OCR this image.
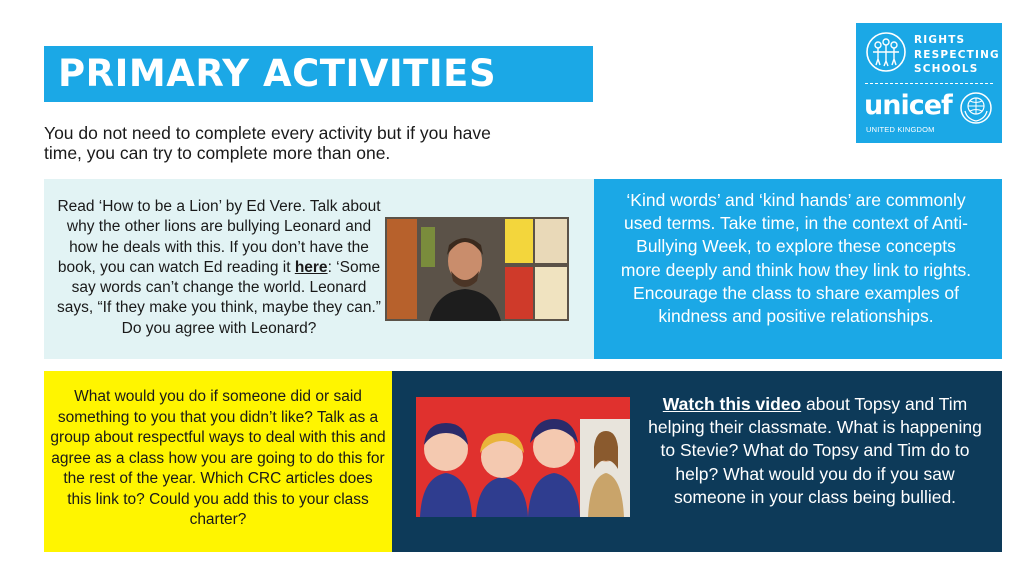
PRIMARY ACTIVITIES
You do not need to complete every activity but if you have time, you can try to complete more than one.
RIGHTS
RESPECTING
SCHOOLS
unicef
UNITED KINGDOM
Read ‘How to be a Lion’ by Ed Vere. Talk about why the other lions are bullying Leonard and how he deals with this. If you don’t have the book, you can watch Ed reading it here: ‘Some say words can’t change the world. Leonard says, “If they make you think, maybe they can.” Do you agree with Leonard?
‘Kind words’ and ‘kind hands’ are commonly used terms. Take time, in the context of Anti-Bullying Week, to explore these concepts more deeply and think how they link to rights. Encourage the class to share examples of kindness and positive relationships.
What would you do if someone did or said something to you that you didn’t like? Talk as a group about respectful ways to deal with this and agree as a class how you are going to do this for the rest of the year. Which CRC articles does this link to? Could you add this to your class charter?
Watch this video about Topsy and Tim helping their classmate. What is happening to Stevie? What do Topsy and Tim do to help? What would you do if you saw someone in your class being bullied.
